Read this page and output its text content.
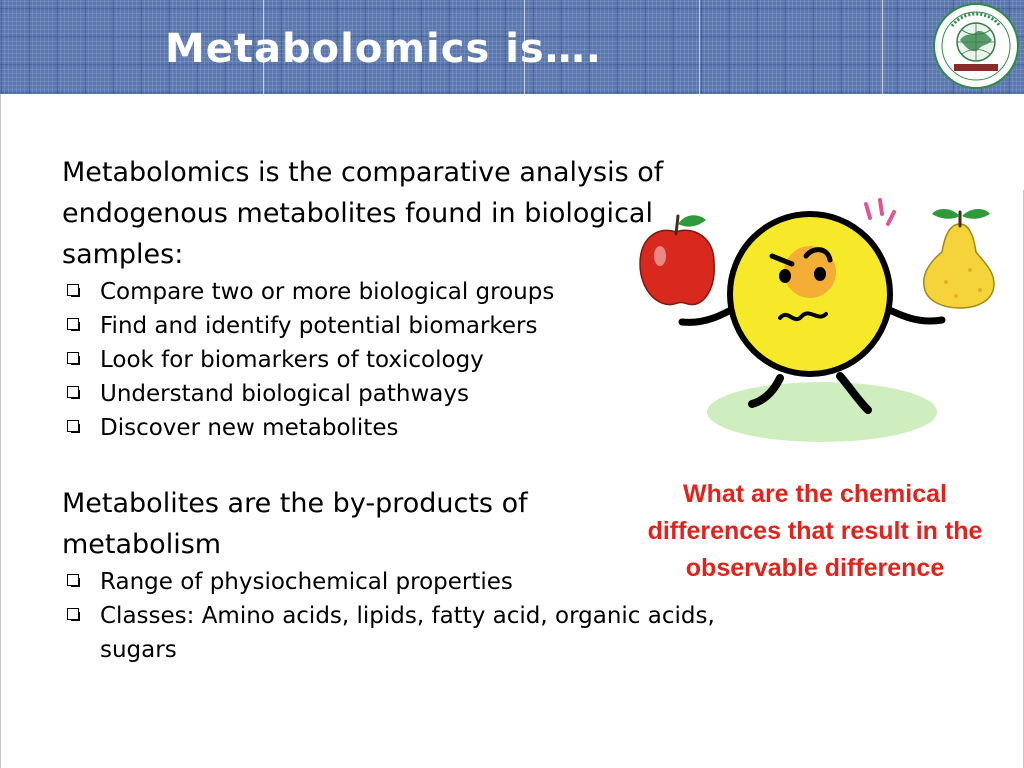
Metabolomics is….
Metabolomics is the comparative analysis of endogenous metabolites found in biological samples:
Compare two or more biological groups
Find and identify potential biomarkers
Look for biomarkers of toxicology
Understand biological pathways
Discover new metabolites
Metabolites are the by-products of metabolism
Range of physiochemical properties
Classes: Amino acids, lipids, fatty acid, organic acids, sugars
What are the chemical differences that result in the observable difference
